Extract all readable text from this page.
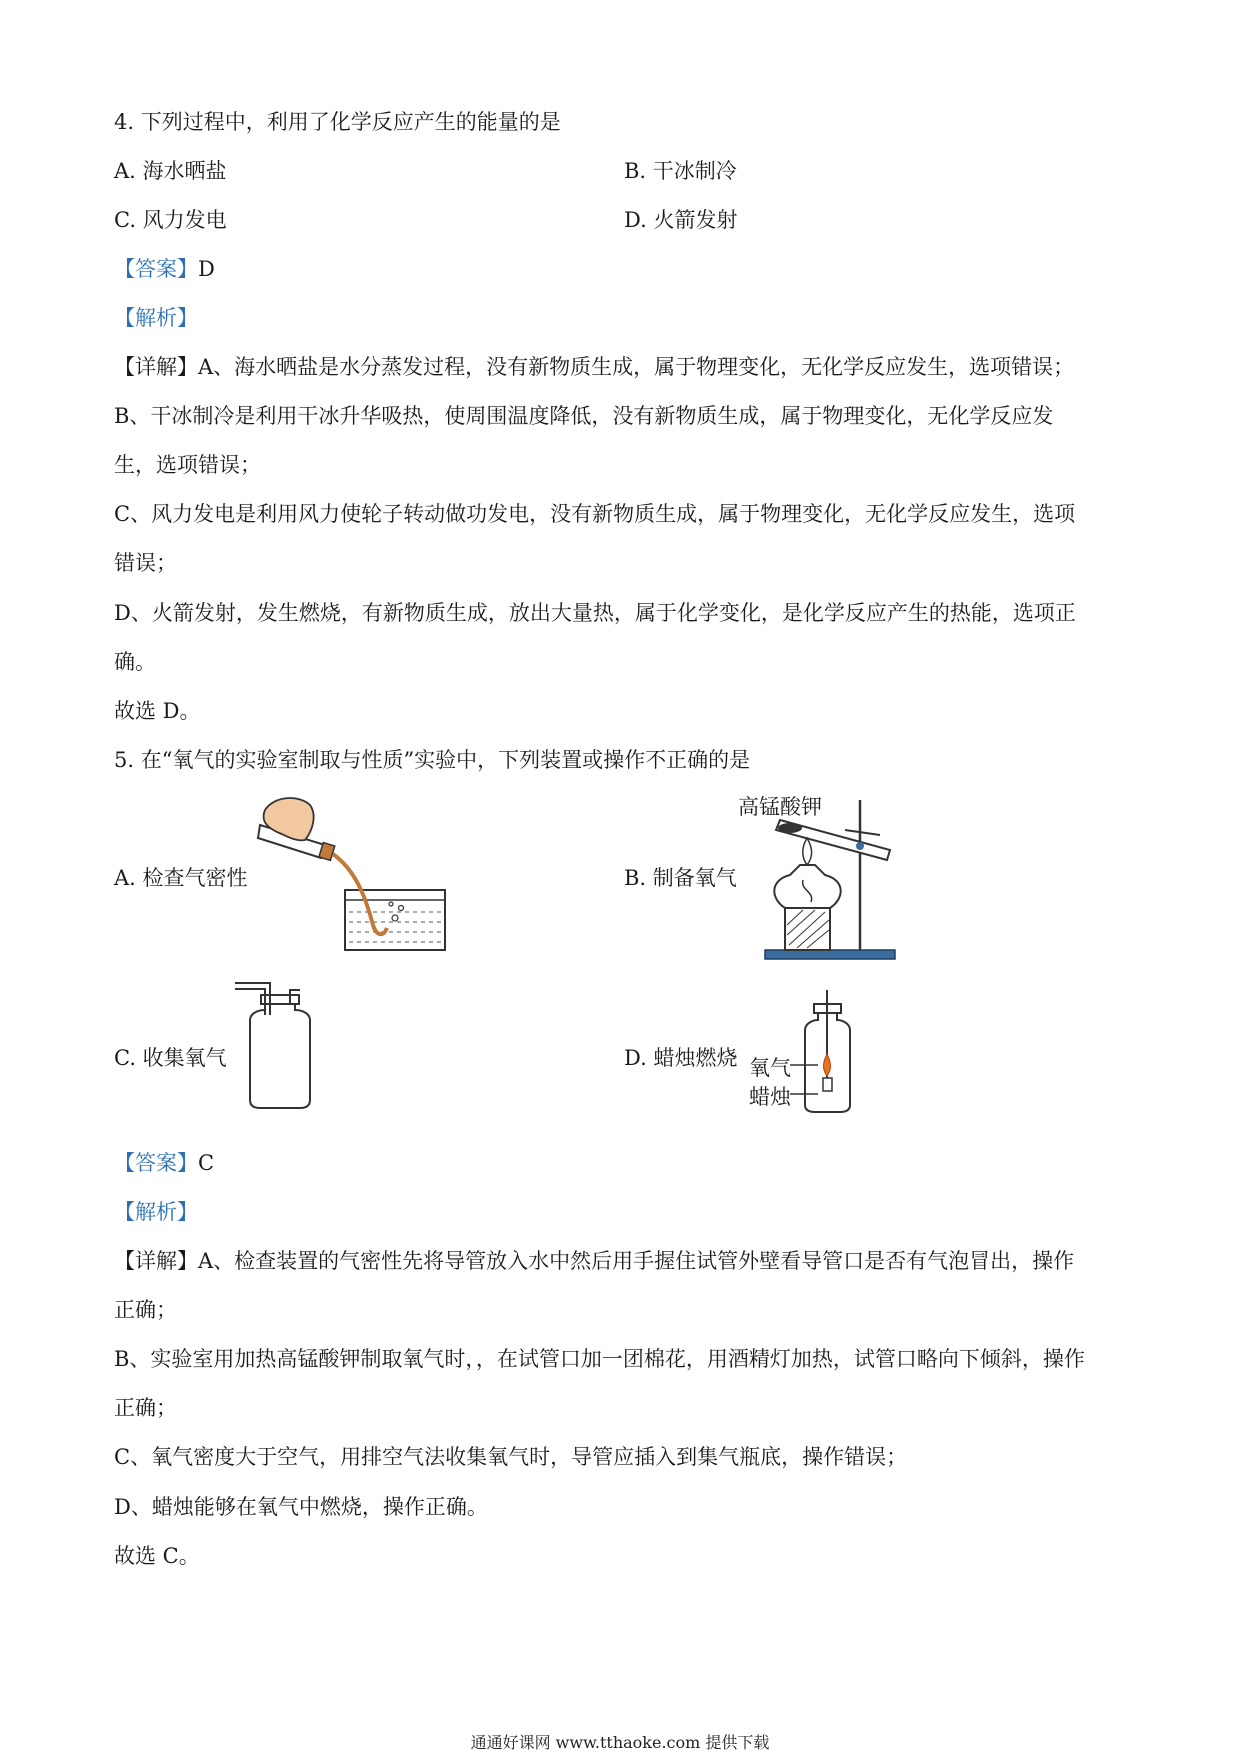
4. 下列过程中，利用了化学反应产生的能量的是
A. 海水晒盐	B. 干冰制冷
C. 风力发电	D. 火箭发射
【答案】D
【解析】
【详解】A、海水晒盐是水分蒸发过程，没有新物质生成，属于物理变化，无化学反应发生，选项错误；
B、干冰制冷是利用干冰升华吸热，使周围温度降低，没有新物质生成，属于物理变化，无化学反应发
生，选项错误；
C、风力发电是利用风力使轮子转动做功发电，没有新物质生成，属于物理变化，无化学反应发生，选项
错误；
D、火箭发射，发生燃烧，有新物质生成，放出大量热，属于化学变化，是化学反应产生的热能，选项正
确。
故选 D。
5. 在“氧气的实验室制取与性质”实验中，下列装置或操作不正确的是
A. 检查气密性	B. 制备氧气
C. 收集氧气	D. 蜡烛燃烧
高锰酸钾
氧气
蜡烛
【答案】C
【解析】
【详解】A、检查装置的气密性先将导管放入水中然后用手握住试管外壁看导管口是否有气泡冒出，操作
正确；
B、实验室用加热高锰酸钾制取氧气时，，在试管口加一团棉花，用酒精灯加热，试管口略向下倾斜，操作
正确；
C、氧气密度大于空气，用排空气法收集氧气时，导管应插入到集气瓶底，操作错误；
D、蜡烛能够在氧气中燃烧，操作正确。
故选 C。
通通好课网 www.tthaoke.com 提供下载
